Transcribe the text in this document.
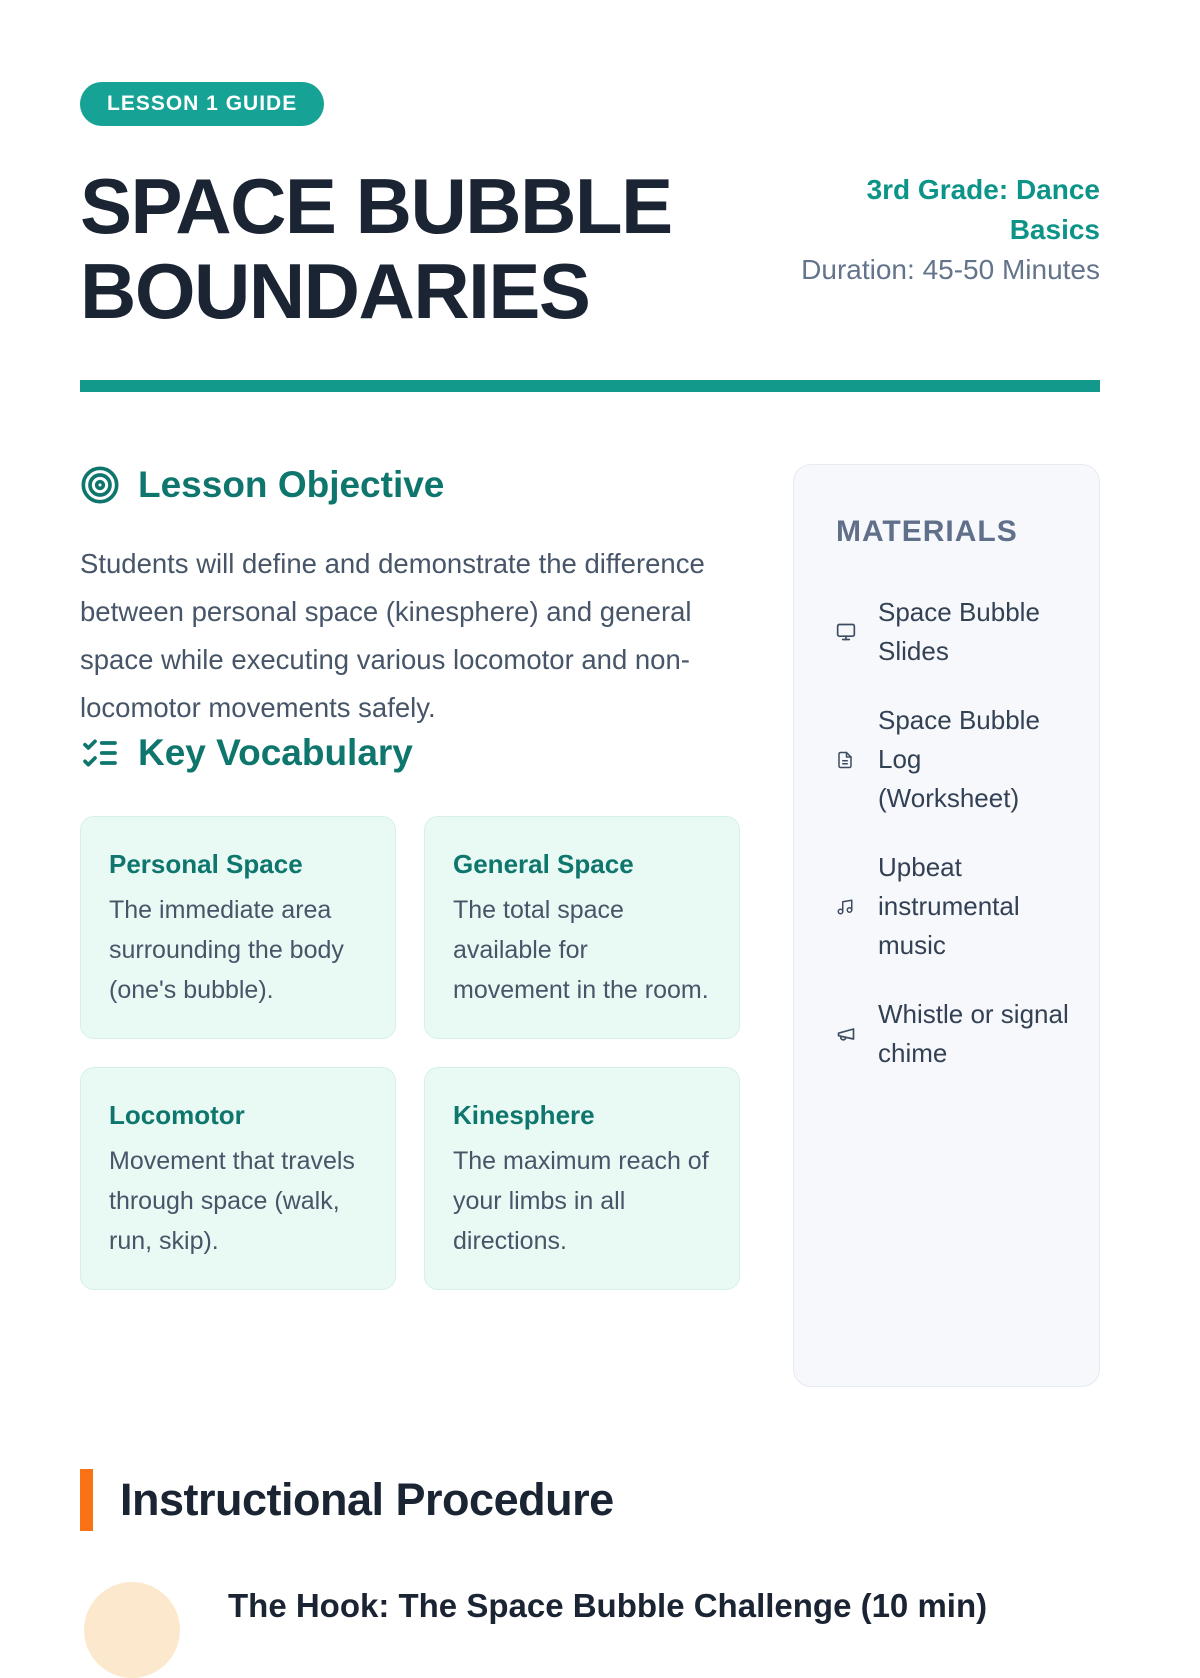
LESSON 1 GUIDE
SPACE BUBBLE
BOUNDARIES
3rd Grade: Dance Basics
Duration: 45-50 Minutes
Lesson Objective

Students will define and demonstrate the difference between personal space (kinesphere) and general space while executing various locomotor and non-locomotor movements safely.

Key Vocabulary
Personal Space

The immediate area surrounding the body (one's bubble).

General Space

The total space available for movement in the room.

Locomotor

Movement that travels through space (walk, run, skip).

Kinesphere

The maximum reach of your limbs in all directions.

MATERIALS
Space Bubble Slides
Space Bubble Log (Worksheet)
Upbeat instrumental music
Whistle or signal chime
Instructional Procedure
The Hook: The Space Bubble Challenge (10 min)
